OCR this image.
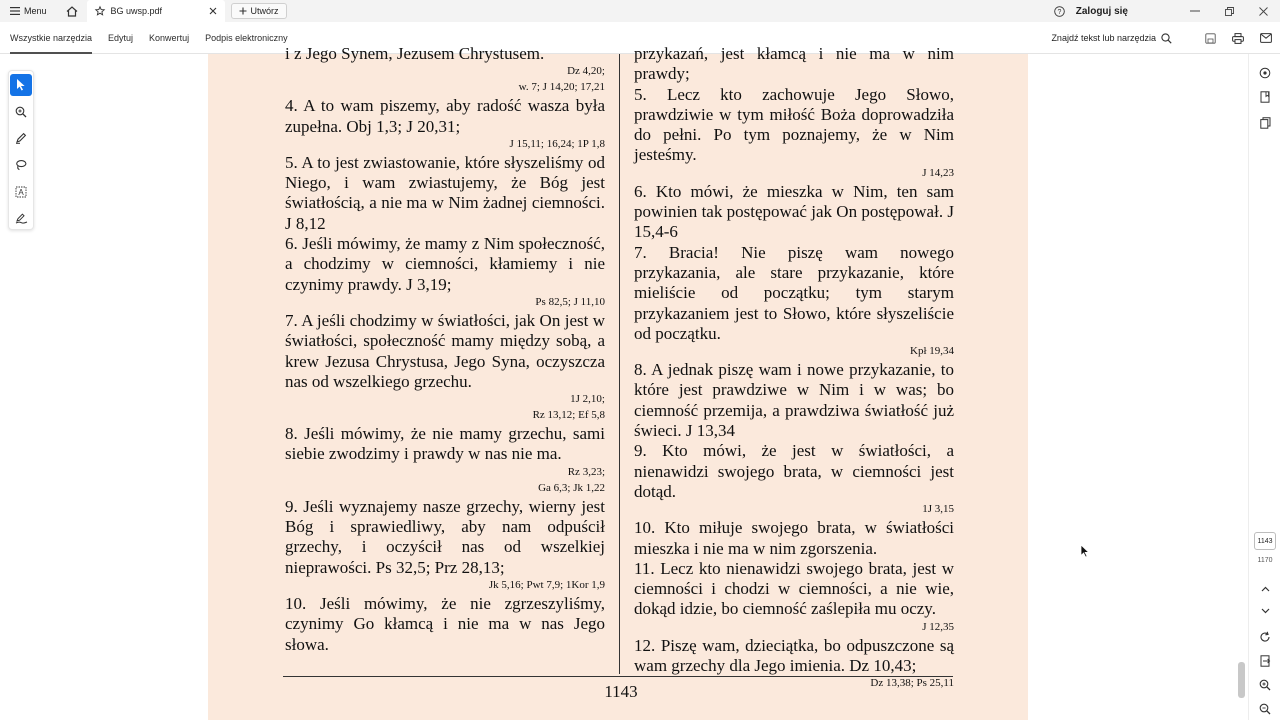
Menu	BG uwsp.pdf	Utwórz	? Zaloguj się
Wszystkie narzędzia	Edytuj	Konwertuj	Podpis elektroniczny	Znajdź tekst lub narzędzia
i z Jego Synem, Jezusem Chrystusem.
Dz 4,20;
w. 7; J 14,20; 17,21
4. A to wam piszemy, aby radość wasza była zupełna. Obj 1,3; J 20,31;
J 15,11; 16,24; 1P 1,8
5. A to jest zwiastowanie, które słyszeliśmy od Niego, i wam zwiastujemy, że Bóg jest światłością, a nie ma w Nim żadnej ciemności. J 8,12
6. Jeśli mówimy, że mamy z Nim społeczność, a chodzimy w ciemności, kłamiemy i nie czynimy prawdy. J 3,19;
Ps 82,5; J 11,10
7. A jeśli chodzimy w światłości, jak On jest w światłości, społeczność mamy między sobą, a krew Jezusa Chrystusa, Jego Syna, oczyszcza nas od wszelkiego grzechu.
1J 2,10;
Rz 13,12; Ef 5,8
8. Jeśli mówimy, że nie mamy grzechu, sami siebie zwodzimy i prawdy w nas nie ma.
Rz 3,23;
Ga 6,3; Jk 1,22
9. Jeśli wyznajemy nasze grzechy, wierny jest Bóg i sprawiedliwy, aby nam odpuścił grzechy, i oczyścił nas od wszelkiej nieprawości. Ps 32,5; Prz 28,13;
Jk 5,16; Pwt 7,9; 1Kor 1,9
10. Jeśli mówimy, że nie zgrzeszyliśmy, czynimy Go kłamcą i nie ma w nas Jego słowa.
przykazań, jest kłamcą i nie ma w nim prawdy;
5. Lecz kto zachowuje Jego Słowo, prawdziwie w tym miłość Boża doprowadziła do pełni. Po tym poznajemy, że w Nim jesteśmy.
J 14,23
6. Kto mówi, że mieszka w Nim, ten sam powinien tak postępować jak On postępował. J 15,4-6
7. Bracia! Nie piszę wam nowego przykazania, ale stare przykazanie, które mieliście od początku; tym starym przykazaniem jest to Słowo, które słyszeliście od początku.
Kpł 19,34
8. A jednak piszę wam i nowe przykazanie, to które jest prawdziwe w Nim i w was; bo ciemność przemija, a prawdziwa światłość już świeci. J 13,34
9. Kto mówi, że jest w światłości, a nienawidzi swojego brata, w ciemności jest dotąd.
1J 3,15
10. Kto miłuje swojego brata, w światłości mieszka i nie ma w nim zgorszenia.
11. Lecz kto nienawidzi swojego brata, jest w ciemności i chodzi w ciemności, a nie wie, dokąd idzie, bo ciemność zaślepiła mu oczy.
J 12,35
12. Piszę wam, dzieciątka, bo odpuszczone są wam grzechy dla Jego imienia. Dz 10,43;
Dz 13,38; Ps 25,11
1143
A
1143
1170
